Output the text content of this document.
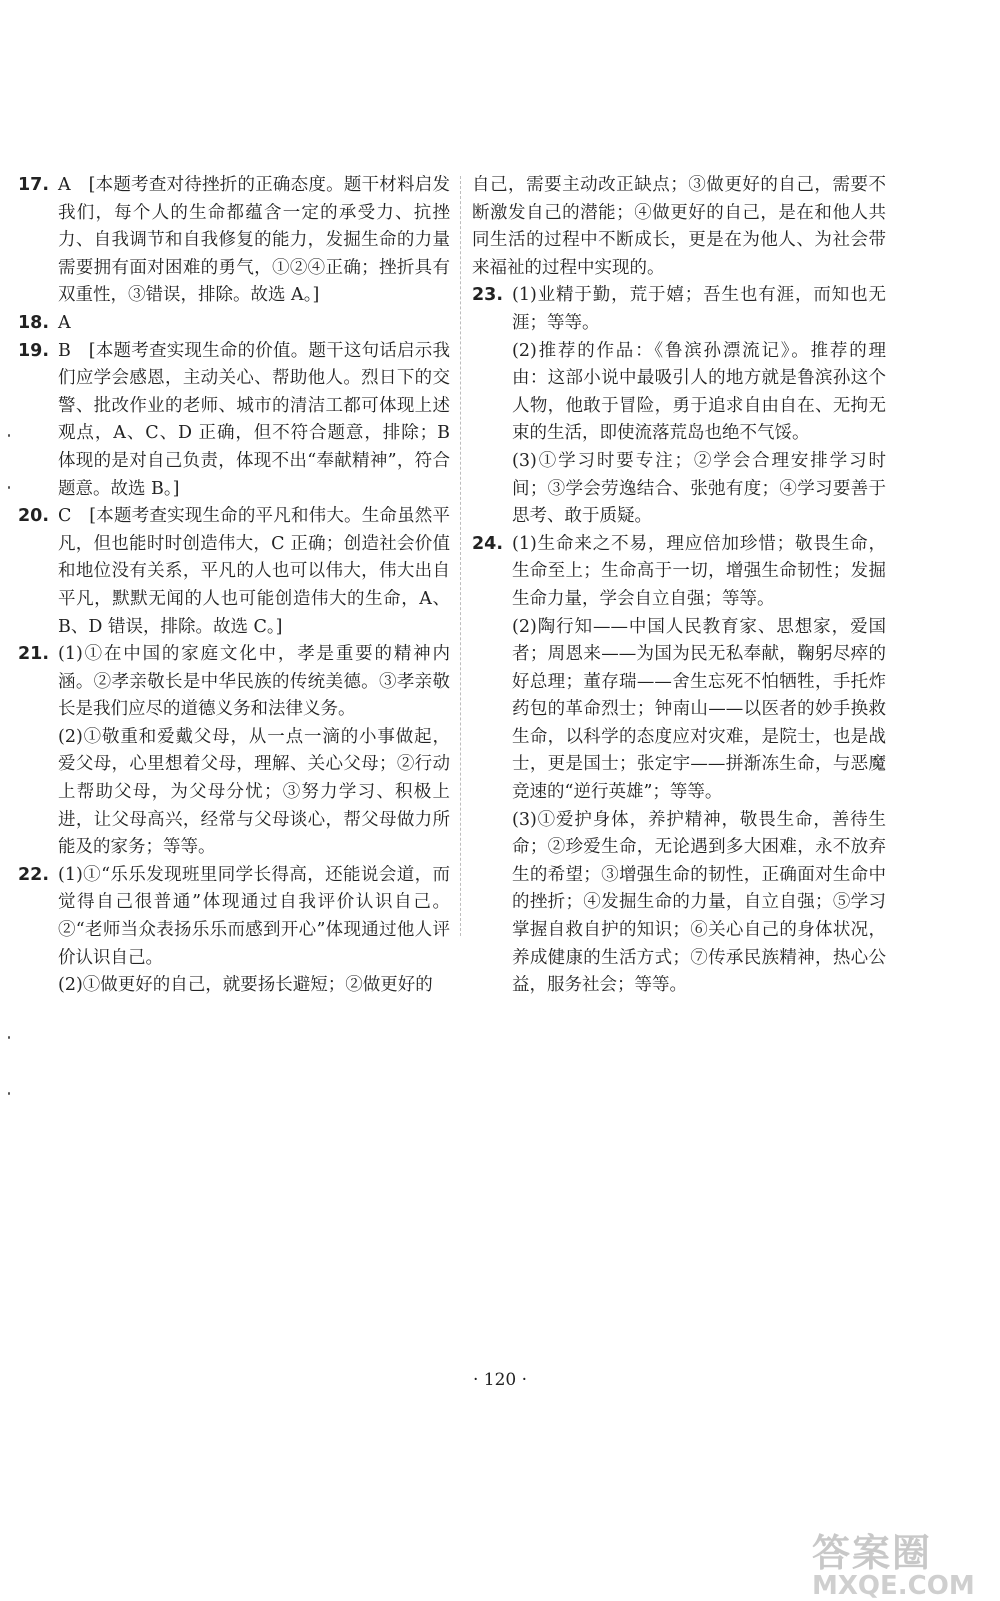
17. A　[本题考查对待挫折的正确态度。题干材料启发我们，每个人的生命都蕴含一定的承受力、抗挫力、自我调节和自我修复的能力，发掘生命的力量需要拥有面对困难的勇气，①②④正确；挫折具有双重性，③错误，排除。故选 A。]

18. A

19. B　[本题考查实现生命的价值。题干这句话启示我们应学会感恩，主动关心、帮助他人。烈日下的交警、批改作业的老师、城市的清洁工都可体现上述观点，A、C、D 正确，但不符合题意，排除；B 体现的是对自己负责，体现不出“奉献精神”，符合题意。故选 B。]

20. C　[本题考查实现生命的平凡和伟大。生命虽然平凡，但也能时时创造伟大，C 正确；创造社会价值和地位没有关系，平凡的人也可以伟大，伟大出自平凡，默默无闻的人也可能创造伟大的生命，A、B、D 错误，排除。故选 C。]

21. (1)①在中国的家庭文化中，孝是重要的精神内涵。②孝亲敬长是中华民族的传统美德。③孝亲敬长是我们应尽的道德义务和法律义务。

(2)①敬重和爱戴父母，从一点一滴的小事做起，爱父母，心里想着父母，理解、关心父母；②行动上帮助父母，为父母分忧；③努力学习、积极上进，让父母高兴，经常与父母谈心，帮父母做力所能及的家务；等等。

22. (1)①“乐乐发现班里同学长得高，还能说会道，而觉得自己很普通”体现通过自我评价认识自己。②“老师当众表扬乐乐而感到开心”体现通过他人评价认识自己。

(2)①做更好的自己，就要扬长避短；②做更好的

自己，需要主动改正缺点；③做更好的自己，需要不断激发自己的潜能；④做更好的自己，是在和他人共同生活的过程中不断成长，更是在为他人、为社会带来福祉的过程中实现的。

23. (1)业精于勤，荒于嬉；吾生也有涯，而知也无涯；等等。

(2)推荐的作品：《鲁滨孙漂流记》。推荐的理由：这部小说中最吸引人的地方就是鲁滨孙这个人物，他敢于冒险，勇于追求自由自在、无拘无束的生活，即使流落荒岛也绝不气馁。

(3)①学习时要专注；②学会合理安排学习时间；③学会劳逸结合、张弛有度；④学习要善于思考、敢于质疑。

24. (1)生命来之不易，理应倍加珍惜；敬畏生命，生命至上；生命高于一切，增强生命韧性；发掘生命力量，学会自立自强；等等。

(2)陶行知——中国人民教育家、思想家，爱国者；周恩来——为国为民无私奉献，鞠躬尽瘁的好总理；董存瑞——舍生忘死不怕牺牲，手托炸药包的革命烈士；钟南山——以医者的妙手换救生命，以科学的态度应对灾难，是院士，也是战士，更是国士；张定宇——拼渐冻生命，与恶魔竞速的“逆行英雄”；等等。

(3)①爱护身体，养护精神，敬畏生命，善待生命；②珍爱生命，无论遇到多大困难，永不放弃生的希望；③增强生命的韧性，正确面对生命中的挫折；④发掘生命的力量，自立自强；⑤学习掌握自救自护的知识；⑥关心自己的身体状况，养成健康的生活方式；⑦传承民族精神，热心公益，服务社会；等等。

· 120 ·
答案圈
MXQE.COM
